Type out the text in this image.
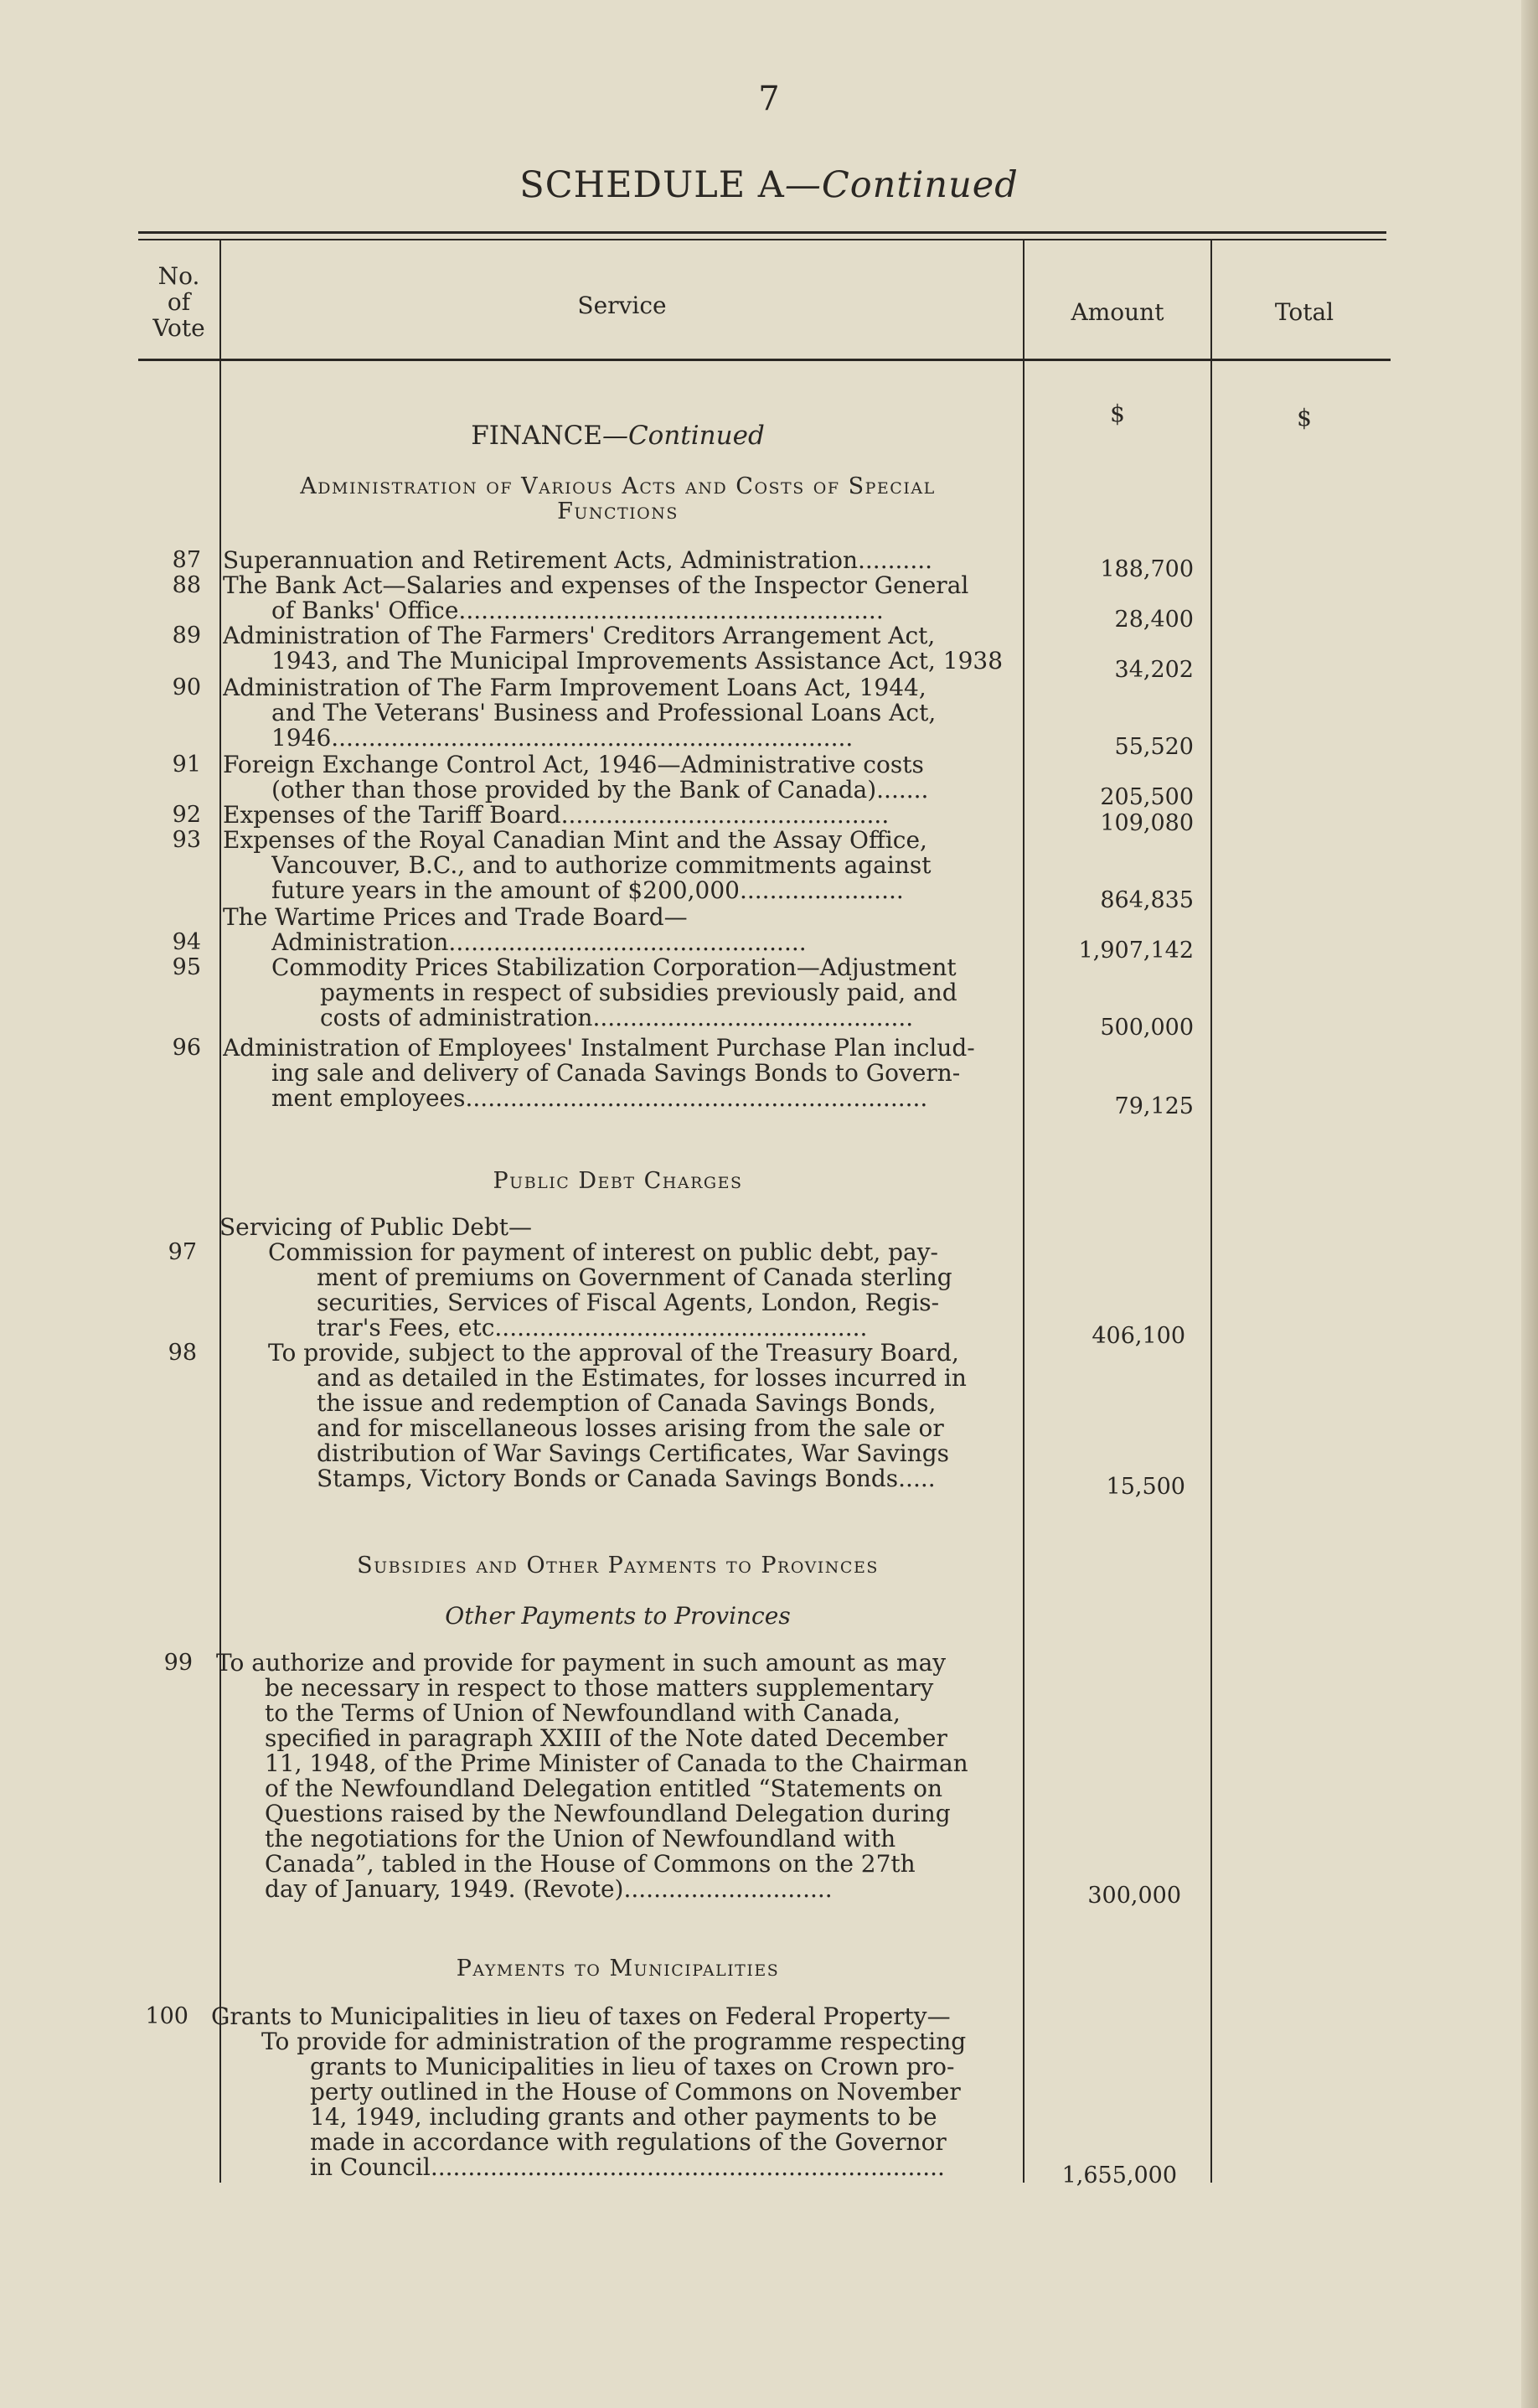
7
SCHEDULE A—Continued
No.
of
Vote
Service	Amount	Total
$	$
FINANCE—Continued
Administration of Various Acts and Costs of Special
Functions
87 Superannuation and Retirement Acts, Administration..........	188,700
88 The Bank Act—Salaries and expenses of the Inspector General
of Banks' Office.........................................................	28,400
89 Administration of The Farmers' Creditors Arrangement Act,
1943, and The Municipal Improvements Assistance Act, 1938	34,202
90 Administration of The Farm Improvement Loans Act, 1944,
and The Veterans' Business and Professional Loans Act,
1946......................................................................	55,520
91 Foreign Exchange Control Act, 1946—Administrative costs
(other than those provided by the Bank of Canada).......	205,500
92 Expenses of the Tariff Board............................................	109,080
93 Expenses of the Royal Canadian Mint and the Assay Office,
Vancouver, B.C., and to authorize commitments against
future years in the amount of $200,000......................	864,835
The Wartime Prices and Trade Board—
94	Administration................................................	1,907,142
95	Commodity Prices Stabilization Corporation—Adjustment
payments in respect of subsidies previously paid, and
costs of administration...........................................	500,000
96 Administration of Employees' Instalment Purchase Plan includ-
ing sale and delivery of Canada Savings Bonds to Govern-
ment employees..............................................................	79,125
Public Debt Charges
Servicing of Public Debt—
97	Commission for payment of interest on public debt, pay-
ment of premiums on Government of Canada sterling
securities, Services of Fiscal Agents, London, Regis-
trar's Fees, etc..................................................	406,100
98	To provide, subject to the approval of the Treasury Board,
and as detailed in the Estimates, for losses incurred in
the issue and redemption of Canada Savings Bonds,
and for miscellaneous losses arising from the sale or
distribution of War Savings Certificates, War Savings
Stamps, Victory Bonds or Canada Savings Bonds.....	15,500
Subsidies and Other Payments to Provinces
Other Payments to Provinces
99 To authorize and provide for payment in such amount as may
be necessary in respect to those matters supplementary
to the Terms of Union of Newfoundland with Canada,
specified in paragraph XXIII of the Note dated December
11, 1948, of the Prime Minister of Canada to the Chairman
of the Newfoundland Delegation entitled “Statements on
Questions raised by the Newfoundland Delegation during
the negotiations for the Union of Newfoundland with
Canada”, tabled in the House of Commons on the 27th
day of January, 1949. (Revote)............................	300,000
Payments to Municipalities
100 Grants to Municipalities in lieu of taxes on Federal Property—
To provide for administration of the programme respecting
grants to Municipalities in lieu of taxes on Crown pro-
perty outlined in the House of Commons on November
14, 1949, including grants and other payments to be
made in accordance with regulations of the Governor
in Council.....................................................................	1,655,000
